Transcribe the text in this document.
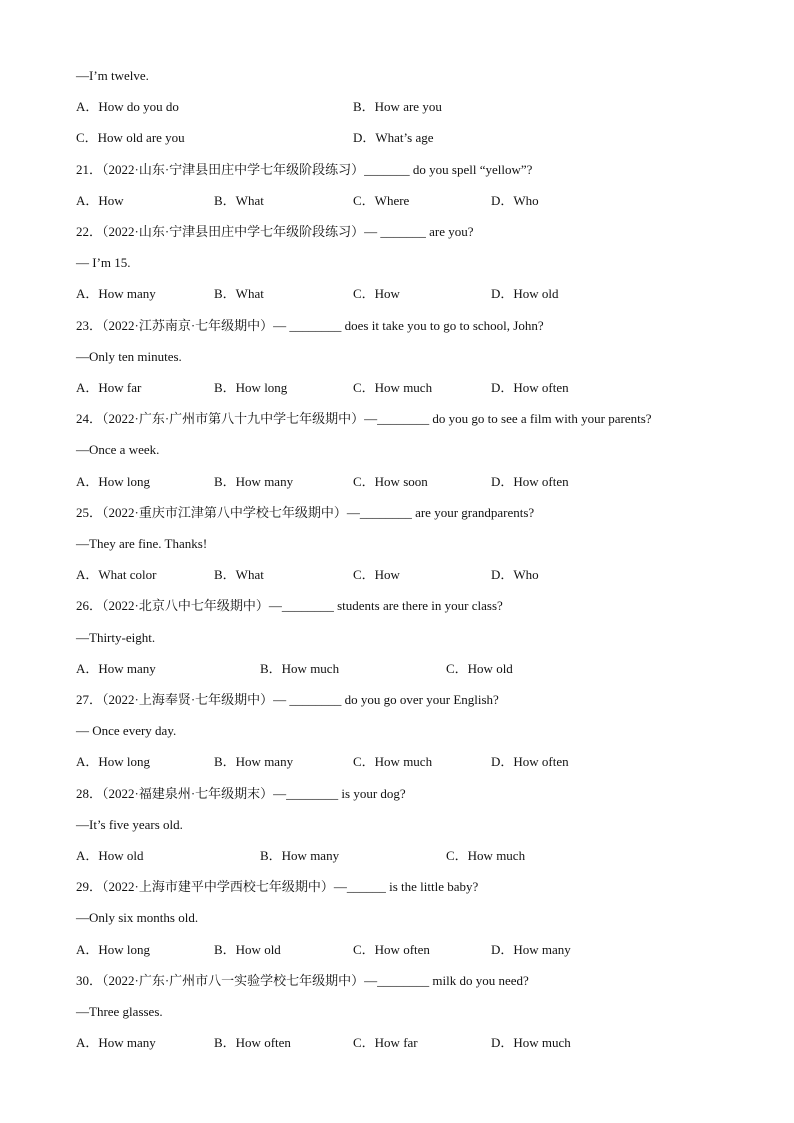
—I’m twelve.
A．How do you do	B．How are you
C．How old are you	D．What’s age
21．（2022·山东·宁津县田庄中学七年级阶段练习）_______ do you spell “yellow”?
A．How	B．What	C．Where	D．Who
22．（2022·山东·宁津县田庄中学七年级阶段练习）— _______ are you?
— I’m 15.
A．How many	B．What	C．How	D．How old
23．（2022·江苏南京·七年级期中）— ________ does it take you to go to school, John?
—Only ten minutes.
A．How far	B．How long	C．How much	D．How often
24．（2022·广东·广州市第八十九中学七年级期中）—________ do you go to see a film with your parents?
—Once a week.
A．How long	B．How many	C．How soon	D．How often
25．（2022·重庆市江津第八中学校七年级期中）—________ are your grandparents?
—They are fine. Thanks!
A．What color	B．What	C．How	D．Who
26．（2022·北京八中七年级期中）—________ students are there in your class?
—Thirty-eight.
A．How many	B．How much	C．How old
27．（2022·上海奉贤·七年级期中）— ________ do you go over your English?
— Once every day.
A．How long	B．How many	C．How much	D．How often
28．（2022·福建泉州·七年级期末）—________ is your dog?
—It’s five years old.
A．How old	B．How many	C．How much
29．（2022·上海市建平中学西校七年级期中）—______ is the little baby?
—Only six months old.
A．How long	B．How old	C．How often	D．How many
30．（2022·广东·广州市八一实验学校七年级期中）—________ milk do you need?
—Three glasses.
A．How many	B．How often	C．How far	D．How much
